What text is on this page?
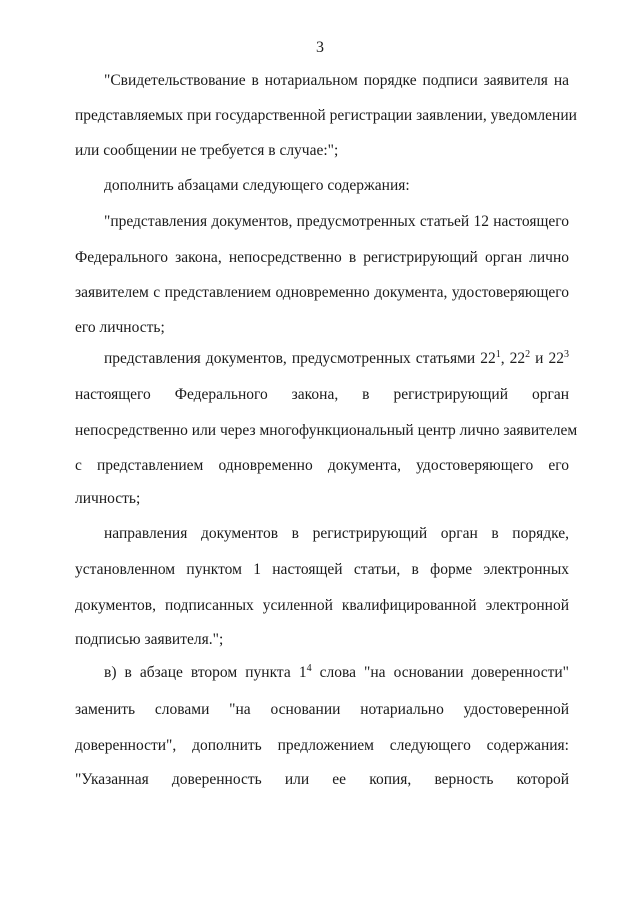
3
"Свидетельствование в нотариальном порядке подписи заявителя на
представляемых при государственной регистрации заявлении, уведомлении
или сообщении не требуется в случае:";
дополнить абзацами следующего содержания:
"представления документов, предусмотренных статьей 12 настоящего
Федерального закона, непосредственно в регистрирующий орган лично
заявителем с представлением одновременно документа, удостоверяющего
его личность;
представления документов, предусмотренных статьями $22^1$, $22^2$ и $22^3$
настоящего Федерального закона, в регистрирующий орган
непосредственно или через многофункциональный центр лично заявителем
с представлением одновременно документа, удостоверяющего его
личность;
направления документов в регистрирующий орган в порядке,
установленном пунктом 1 настоящей статьи, в форме электронных
документов, подписанных усиленной квалифицированной электронной
подписью заявителя.";
в) в абзаце втором пункта $1^4$ слова "на основании доверенности"
заменить словами "на основании нотариально удостоверенной
доверенности", дополнить предложением следующего содержания:
"Указанная доверенность или ее копия, верность которой
